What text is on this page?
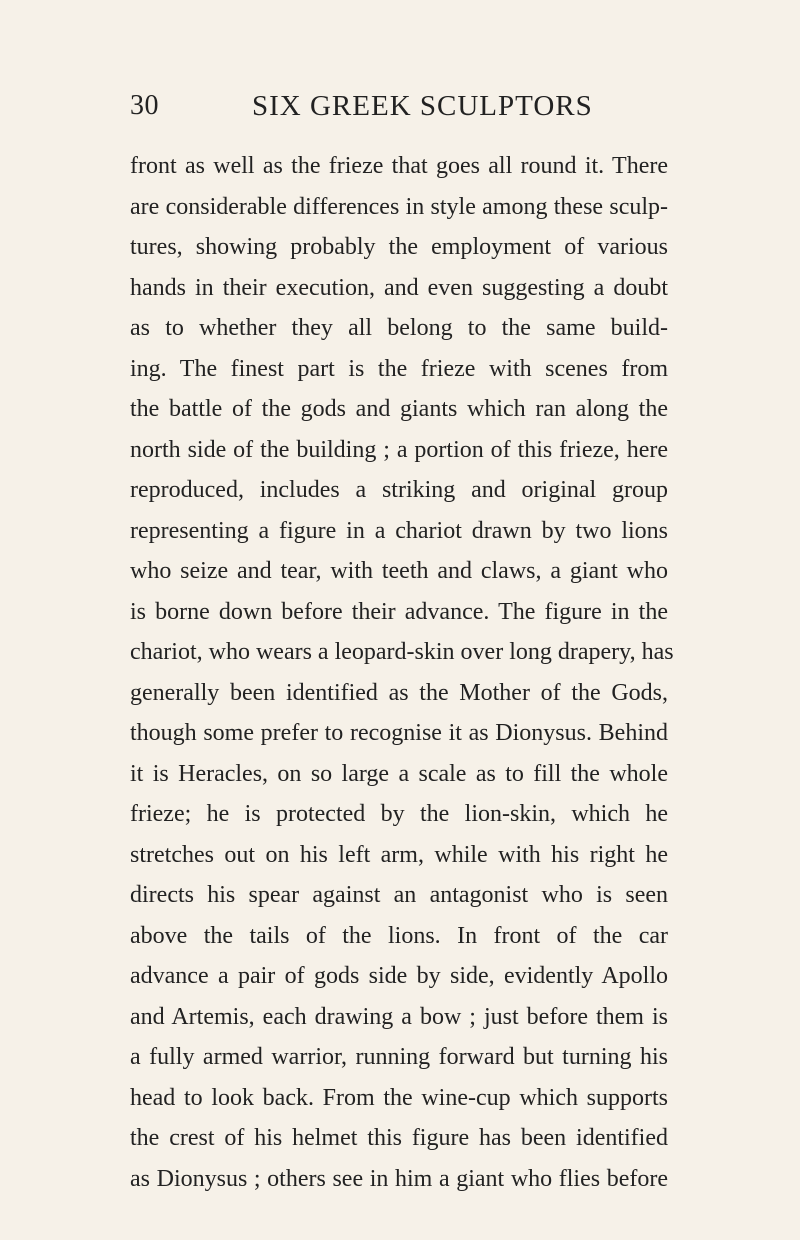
30	SIX GREEK SCULPTORS
front as well as the frieze that goes all round it. There
are considerable differences in style among these sculp-
tures, showing probably the employment of various
hands in their execution, and even suggesting a doubt
as to whether they all belong to the same build-
ing. The finest part is the frieze with scenes from
the battle of the gods and giants which ran along the
north side of the building ; a portion of this frieze, here
reproduced, includes a striking and original group
representing a figure in a chariot drawn by two lions
who seize and tear, with teeth and claws, a giant who
is borne down before their advance. The figure in the
chariot, who wears a leopard-skin over long drapery, has
generally been identified as the Mother of the Gods,
though some prefer to recognise it as Dionysus. Behind
it is Heracles, on so large a scale as to fill the whole
frieze; he is protected by the lion-skin, which he
stretches out on his left arm, while with his right he
directs his spear against an antagonist who is seen
above the tails of the lions. In front of the car
advance a pair of gods side by side, evidently Apollo
and Artemis, each drawing a bow ; just before them is
a fully armed warrior, running forward but turning his
head to look back. From the wine-cup which supports
the crest of his helmet this figure has been identified
as Dionysus ; others see in him a giant who flies before
